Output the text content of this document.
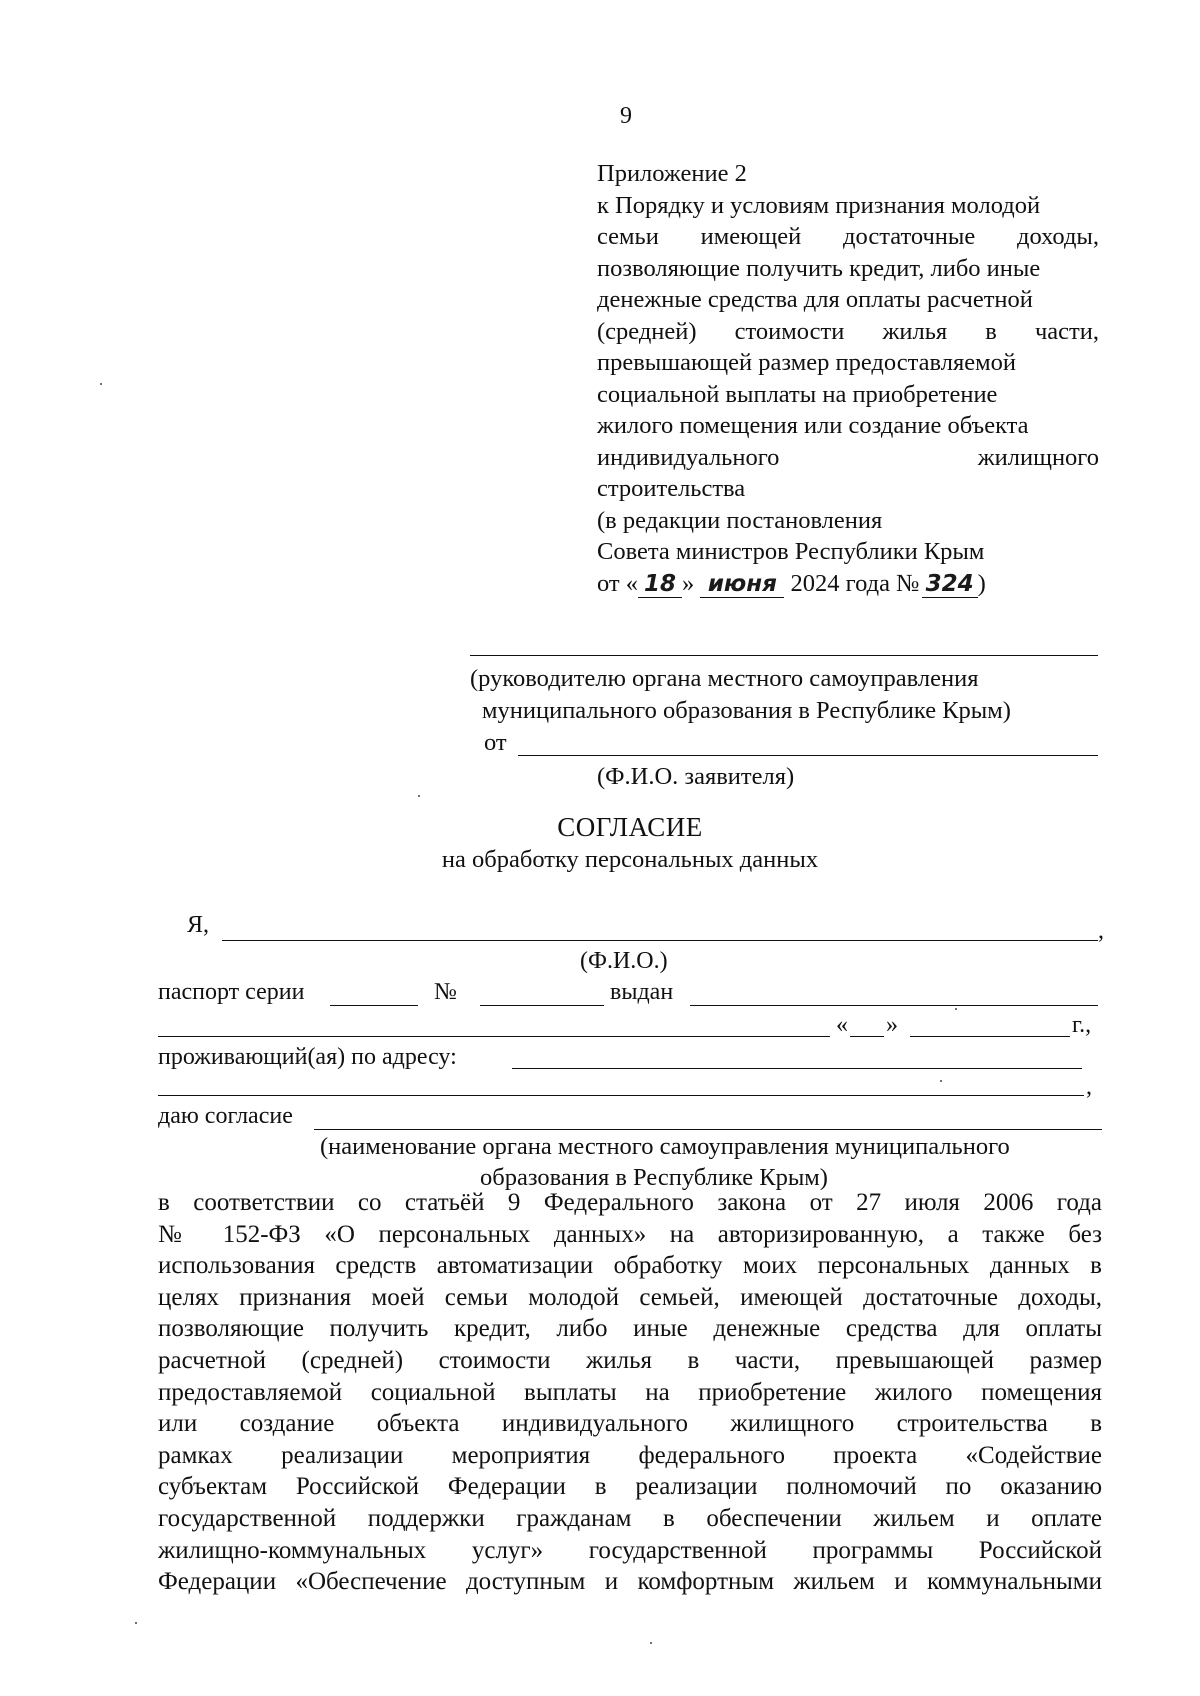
9
Приложение 2
к Порядку и условиям признания молодой
семьи имеющей достаточные доходы,
позволяющие получить кредит, либо иные
денежные средства для оплаты расчетной
(средней) стоимости жилья в части,
превышающей размер предоставляемой
социальной выплаты на приобретение
жилого помещения или создание объекта
индивидуального жилищного
строительства
(в редакции постановления
Совета министров Республики Крым
от « 18 » июня 2024 года № 324 )
(руководителю органа местного самоуправления
муниципального образования в Республике Крым)
от
(Ф.И.О. заявителя)
СОГЛАСИЕ
на обработку персональных данных
Я,	,
(Ф.И.О.)
паспорт серии	№	выдан
« »	г.,
проживающий(ая) по адресу:
,
даю согласие
(наименование органа местного самоуправления муниципального
образования в Республике Крым)
в соответствии со статьёй 9 Федерального закона от 27 июля 2006 года
№ 152-ФЗ «О персональных данных» на авторизированную, а также без
использования средств автоматизации обработку моих персональных данных в
целях признания моей семьи молодой семьей, имеющей достаточные доходы,
позволяющие получить кредит, либо иные денежные средства для оплаты
расчетной (средней) стоимости жилья в части, превышающей размер
предоставляемой социальной выплаты на приобретение жилого помещения
или создание объекта индивидуального жилищного строительства в
рамках реализации мероприятия федерального проекта «Содействие
субъектам Российской Федерации в реализации полномочий по оказанию
государственной поддержки гражданам в обеспечении жильем и оплате
жилищно-коммунальных услуг» государственной программы Российской
Федерации «Обеспечение доступным и комфортным жильем и коммунальными
